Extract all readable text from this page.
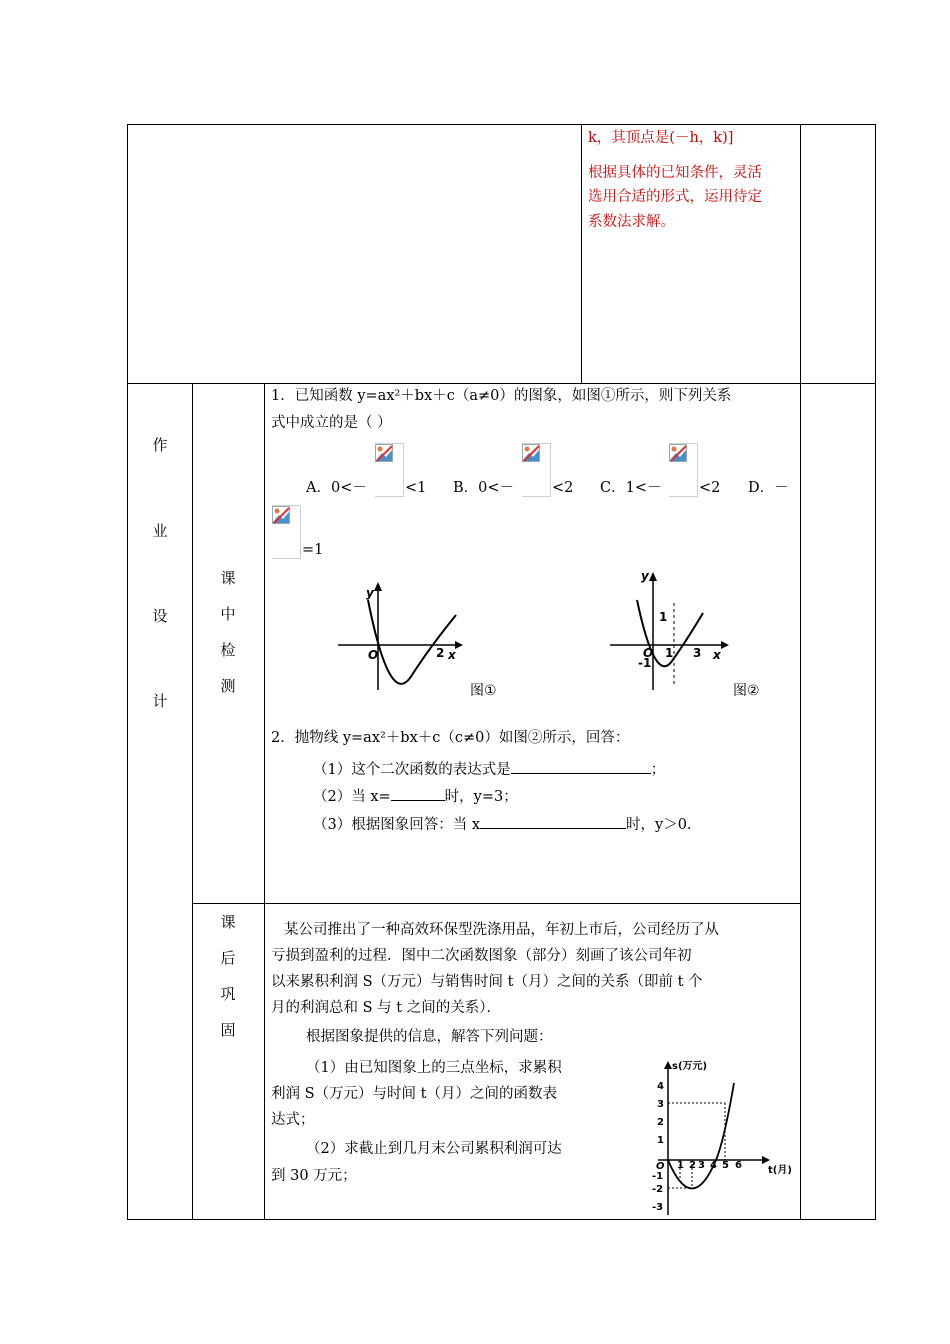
k，其顶点是(－h，k)]
根据具体的已知条件，灵活
选用合适的形式，运用待定
系数法求解。
作
业
设
计
课
中
检
测
课
后
巩
固
1．已知函数 y=ax²＋bx＋c（a≠0）的图象，如图①所示，则下列关系
式中成立的是（ ）
A．0<－	<1 B．0<－	<2 C．1<－	<2 D．－
=1
y
x
O	2
图①
y
x
O
1
1 3
-1
图②
2．抛物线 y=ax²＋bx＋c（c≠0）如图②所示，回答：
（1）这个二次函数的表达式是	；
（2）当 x=	时，y=3；
（3）根据图象回答：当 x	时，y＞0.
某公司推出了一种高效环保型洗涤用品，年初上市后，公司经历了从
亏损到盈利的过程．图中二次函数图象（部分）刻画了该公司年初
以来累积利润 S（万元）与销售时间 t（月）之间的关系（即前 t 个
月的利润总和 S 与 t 之间的关系）．
根据图象提供的信息，解答下列问题：
（1）由已知图象上的三点坐标，求累积
利润 S（万元）与时间 t（月）之间的函数表
达式；
（2）求截止到几月末公司累积利润可达
到 30 万元；
s(万元)
t(月)
O
4
3
2
1
-1
-2
-3
1 2 3 4 5 6
